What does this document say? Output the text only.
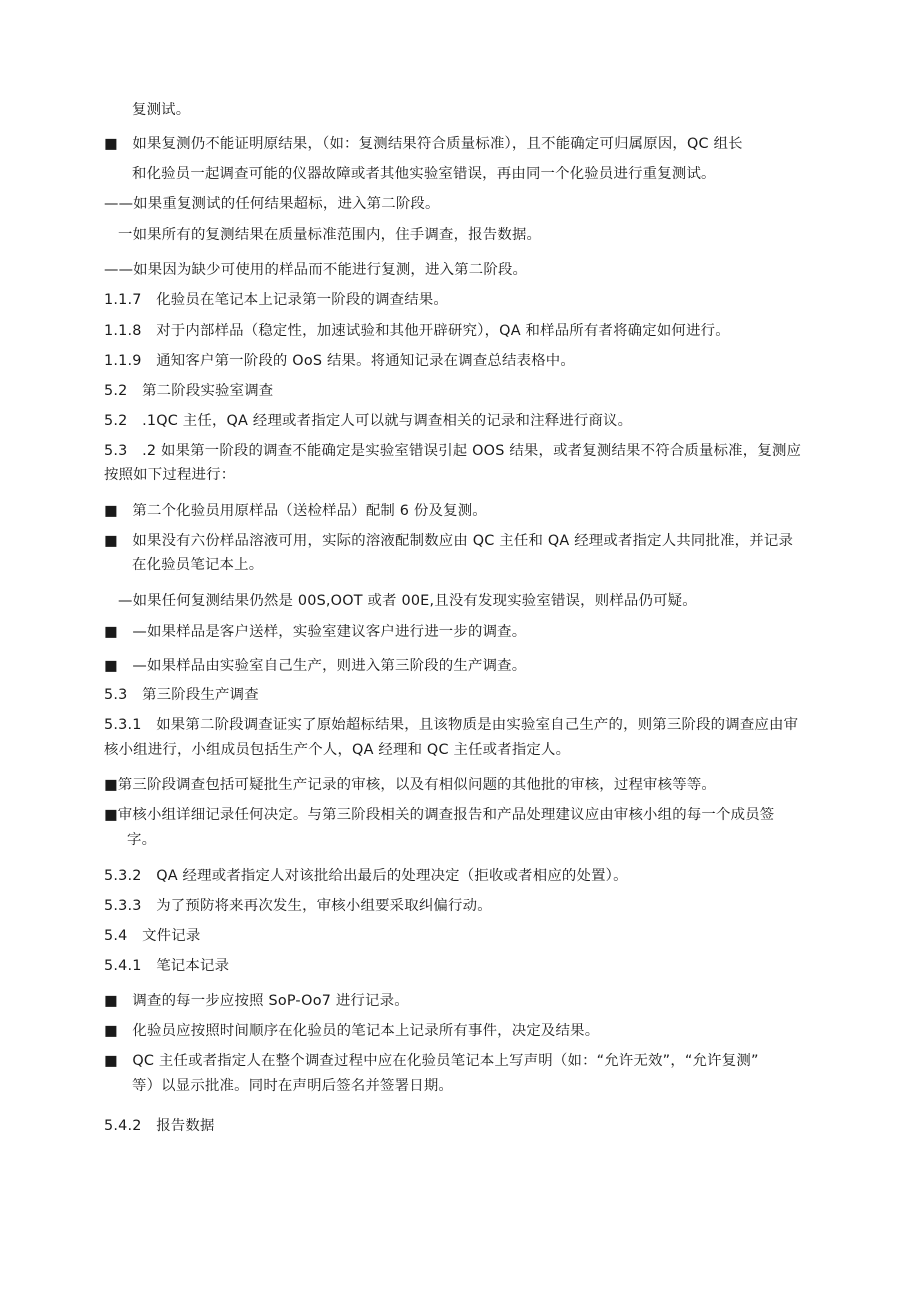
复测试。
■　如果复测仍不能证明原结果，（如：复测结果符合质量标准），且不能确定可归属原因，QC 组长
和化验员一起调查可能的仪器故障或者其他实验室错误，再由同一个化验员进行重复测试。
——如果重复测试的任何结果超标，进入第二阶段。
一如果所有的复测结果在质量标准范围内，住手调查，报告数据。
——如果因为缺少可使用的样品而不能进行复测，进入第二阶段。
1.1.7　化验员在笔记本上记录第一阶段的调查结果。
1.1.8　对于内部样品（稳定性，加速试验和其他开辟研究），QA 和样品所有者将确定如何进行。
1.1.9　通知客户第一阶段的 OoS 结果。将通知记录在调查总结表格中。
5.2　第二阶段实验室调查
5.2　.1QC 主任，QA 经理或者指定人可以就与调查相关的记录和注释进行商议。
5.3　.2 如果第一阶段的调查不能确定是实验室错误引起 OOS 结果，或者复测结果不符合质量标准，复测应
按照如下过程进行：
■　第二个化验员用原样品（送检样品）配制 6 份及复测。
■　如果没有六份样品溶液可用，实际的溶液配制数应由 QC 主任和 QA 经理或者指定人共同批准，并记录
在化验员笔记本上。
—如果任何复测结果仍然是 00S,OOT 或者 00E,且没有发现实验室错误，则样品仍可疑。
■　—如果样品是客户送样，实验室建议客户进行进一步的调查。
■　—如果样品由实验室自己生产，则进入第三阶段的生产调查。
5.3　第三阶段生产调查
5.3.1　如果第二阶段调查证实了原始超标结果，且该物质是由实验室自己生产的，则第三阶段的调查应由审
核小组进行，小组成员包括生产个人，QA 经理和 QC 主任或者指定人。
■第三阶段调查包括可疑批生产记录的审核，以及有相似问题的其他批的审核，过程审核等等。
■审核小组详细记录任何决定。与第三阶段相关的调查报告和产品处理建议应由审核小组的每一个成员签
字。
5.3.2　QA 经理或者指定人对该批给出最后的处理决定（拒收或者相应的处置）。
5.3.3　为了预防将来再次发生，审核小组要采取纠偏行动。
5.4　文件记录
5.4.1　笔记本记录
■　调查的每一步应按照 SoP-Oo7 进行记录。
■　化验员应按照时间顺序在化验员的笔记本上记录所有事件，决定及结果。
■　QC 主任或者指定人在整个调查过程中应在化验员笔记本上写声明（如：“允许无效”，“允许复测”
等）以显示批准。同时在声明后签名并签署日期。
5.4.2　报告数据
